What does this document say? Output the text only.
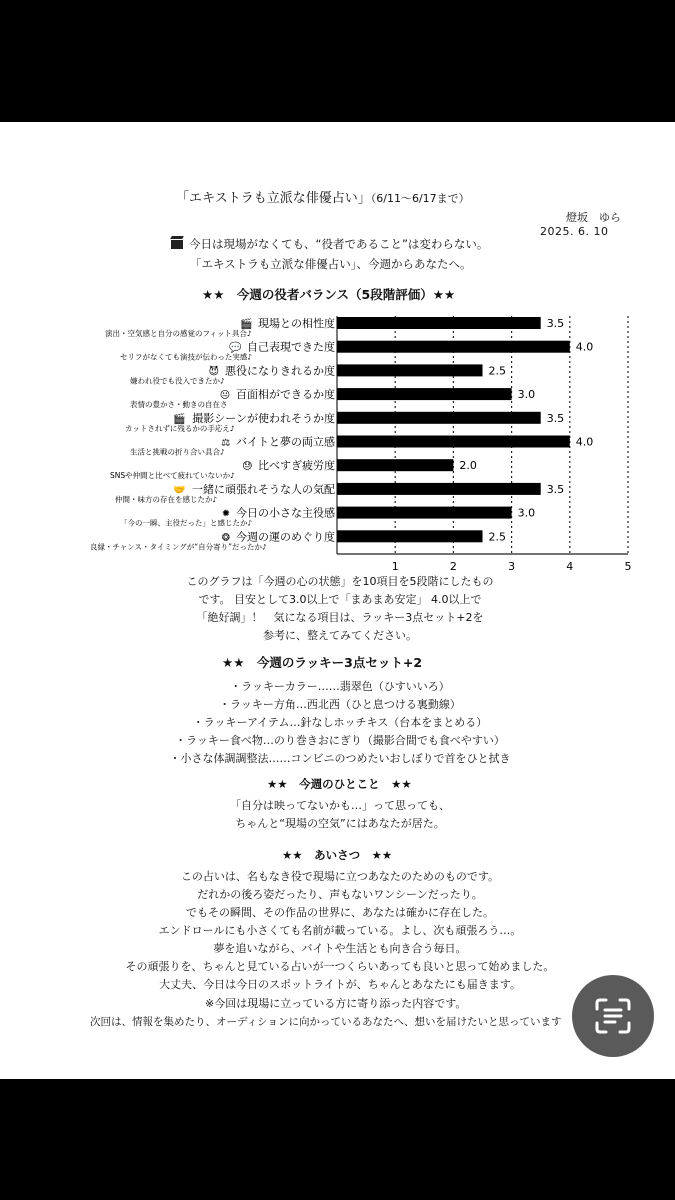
「エキストラも立派な俳優占い」（6/11～6/17まで）
燈坂　ゆら
2025. 6. 10
今日は現場がなくても、“役者であること”は変わらない。
「エキストラも立派な俳優占い」、今週からあなたへ。
★★　今週の役者バランス（5段階評価）★★
1	2	3	4	5
3.5
現場との相性度
🎬
演出・空気感と自分の感覚のフィット具合♪
4.0
自己表現できた度
💬
セリフがなくても演技が伝わった実感♪
2.5
悪役になりきれるか度
😈
嫌われ役でも没入できたか♪
3.0
百面相ができるか度
😐
表情の豊かさ・動きの自在さ
3.5
撮影シーンが使われそうか度
🎬
カットされずに残るかの手応え♪
4.0
バイトと夢の両立感
⚖
生活と挑戦の折り合い具合♪
2.0
比べすぎ疲労度
😓
SNSや仲間と比べて疲れていないか♪
3.5
一緒に頑張れそうな人の気配
🤝
仲間・味方の存在を感じたか♪
3.0
今日の小さな主役感
✹
「今の一瞬、主役だった」と感じたか♪
2.5
今週の運のめぐり度
❂
良縁・チャンス・タイミングが“自分寄り”だったか♪
このグラフは「今週の心の状態」を10項目を5段階にしたもの
です。 目安として3.0以上で「まあまあ安定」 4.0以上で
「絶好調」！　気になる項目は、ラッキー3点セット+2を
参考に、整えてみてください。
★★　今週のラッキー3点セット+2
・ラッキーカラー……翡翠色（ひすいいろ）
・ラッキー方角…西北西（ひと息つける裏動線）
・ラッキーアイテム…針なしホッチキス（台本をまとめる）
・ラッキー食べ物…のり巻きおにぎり（撮影合間でも食べやすい）
・小さな体調調整法……コンビニのつめたいおしぼりで首をひと拭き
★★　今週のひとこと　★★
「自分は映ってないかも…」って思っても、
ちゃんと“現場の空気”にはあなたが居た。
★★　あいさつ　★★
この占いは、名もなき役で現場に立つあなたのためのものです。
だれかの後ろ姿だったり、声もないワンシーンだったり。
でもその瞬間、その作品の世界に、あなたは確かに存在した。
エンドロールにも小さくても名前が載っている。よし、次も頑張ろう…。
夢を追いながら、バイトや生活とも向き合う毎日。
その頑張りを、ちゃんと見ている占いが一つくらいあっても良いと思って始めました。
大丈夫、今日は今日のスポットライトが、ちゃんとあなたにも届きます。
※今回は現場に立っている方に寄り添った内容です。
次回は、情報を集めたり、オーディションに向かっているあなたへ、想いを届けたいと思っています
